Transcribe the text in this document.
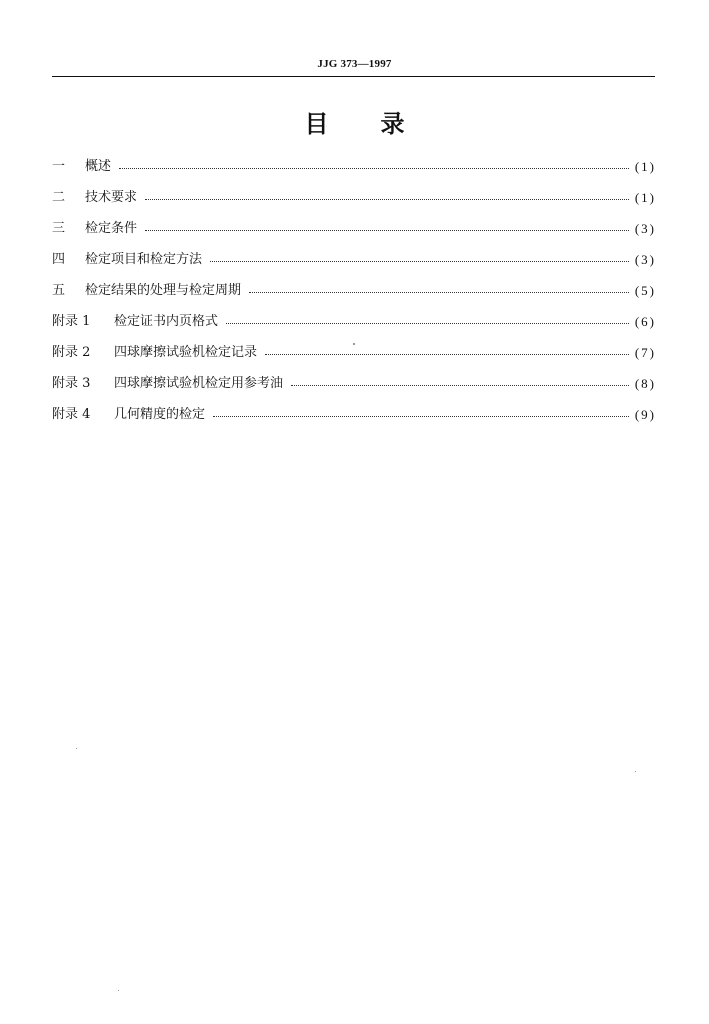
JJG 373—1997
目 录
一	概述	(1)
二	技术要求	(1)
三	检定条件	(3)
四	检定项目和检定方法	(3)
五	检定结果的处理与检定周期	(5)
附录 1	检定证书内页格式	(6)
附录 2	四球摩擦试验机检定记录	(7)
附录 3	四球摩擦试验机检定用参考油	(8)
附录 4	几何精度的检定	(9)
